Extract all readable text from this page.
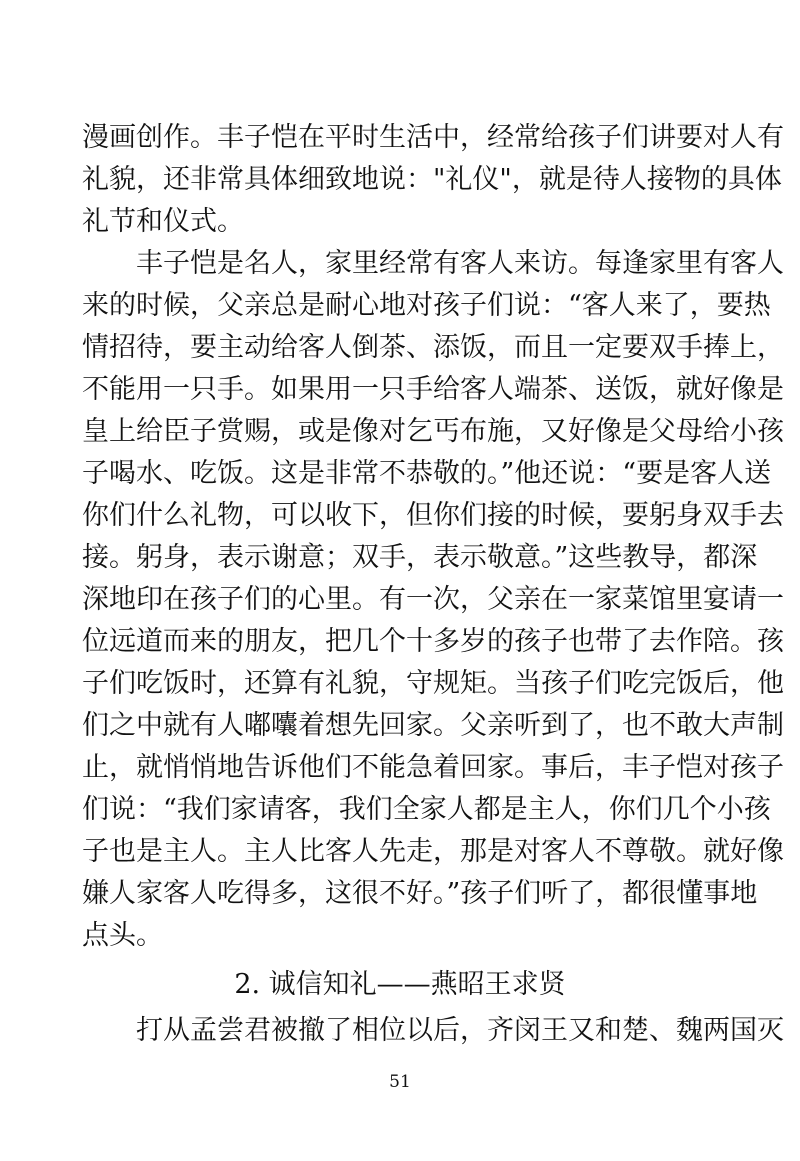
漫画创作。丰子恺在平时生活中，经常给孩子们讲要对人有
礼貌，还非常具体细致地说："礼仪"，就是待人接物的具体
礼节和仪式。
丰子恺是名人，家里经常有客人来访。每逢家里有客人
来的时候，父亲总是耐心地对孩子们说：“客人来了，要热
情招待，要主动给客人倒茶、添饭，而且一定要双手捧上，
不能用一只手。如果用一只手给客人端茶、送饭，就好像是
皇上给臣子赏赐，或是像对乞丐布施，又好像是父母给小孩
子喝水、吃饭。这是非常不恭敬的。”他还说：“要是客人送
你们什么礼物，可以收下，但你们接的时候，要躬身双手去
接。躬身，表示谢意；双手，表示敬意。”这些教导，都深
深地印在孩子们的心里。有一次，父亲在一家菜馆里宴请一
位远道而来的朋友，把几个十多岁的孩子也带了去作陪。孩
子们吃饭时，还算有礼貌，守规矩。当孩子们吃完饭后，他
们之中就有人嘟囔着想先回家。父亲听到了，也不敢大声制
止，就悄悄地告诉他们不能急着回家。事后，丰子恺对孩子
们说：“我们家请客，我们全家人都是主人，你们几个小孩
子也是主人。主人比客人先走，那是对客人不尊敬。就好像
嫌人家客人吃得多，这很不好。”孩子们听了，都很懂事地
点头。
打从孟尝君被撤了相位以后，齐闵王又和楚、魏两国灭
2. 诚信知礼——燕昭王求贤
51
